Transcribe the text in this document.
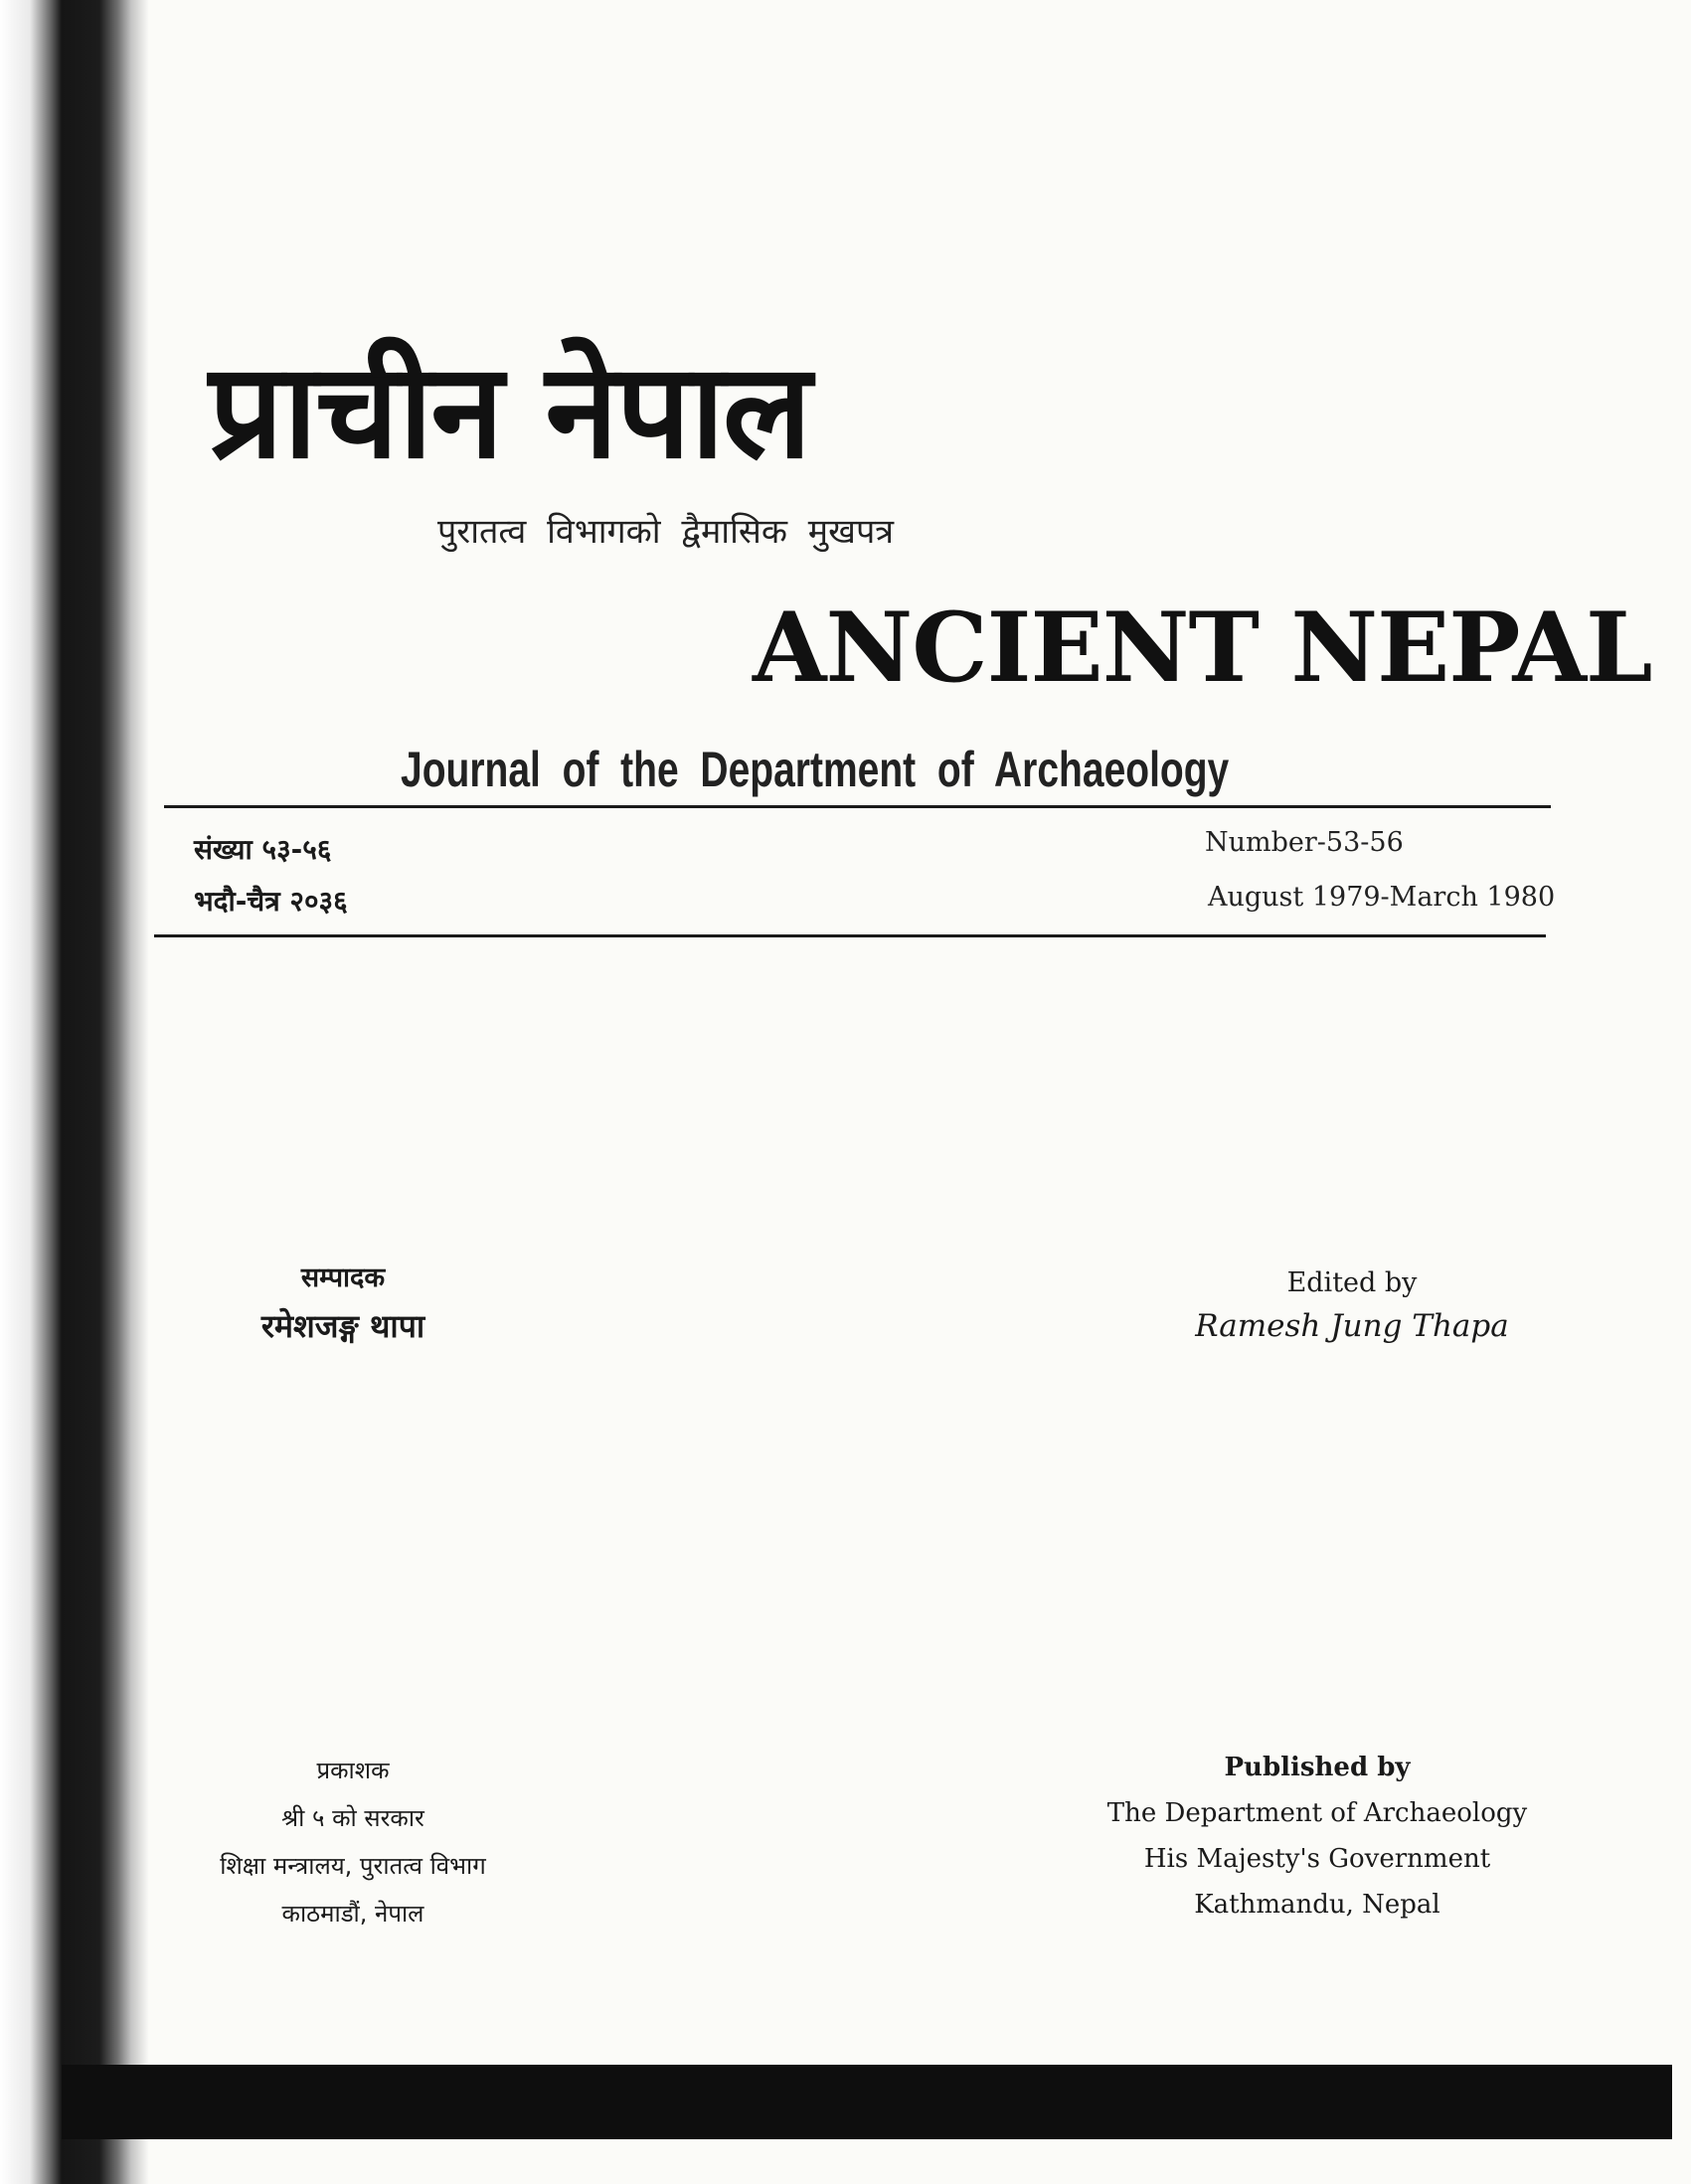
प्राचीन नेपाल

पुरातत्व विभागको द्वैमासिक मुखपत्र

ANCIENT NEPAL

Journal of the Department of Archaeology

संख्या ५३-५६

भदौ-चैत्र २०३६

Number-53-56

August 1979-March 1980

सम्पादक

रमेशजङ्ग थापा

Edited by

Ramesh Jung Thapa

प्रकाशक

श्री ५ को सरकार

शिक्षा मन्त्रालय, पुरातत्व विभाग

काठमाडौं, नेपाल

Published by

The Department of Archaeology

His Majesty's Government

Kathmandu, Nepal
